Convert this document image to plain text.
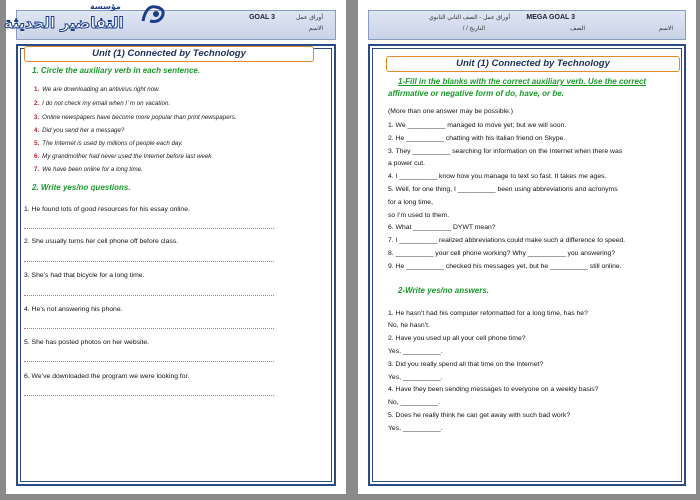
GOAL 3	أوراق عمل
الاسم
Unit (1) Connected by Technology
1. Circle the auxiliary verb in each sentence.
1. We are downloading an antivirus right now.
2. I do not check my email when I’ m on vacation.
3. Online newspapers have become more popular than print newspapers.
4. Did you send her a message?
5. The Internet is used by millions of people each day.
6. My grandmother had never used the Internet before last week.
7. We have been online for a long time.
2. Write yes/no questions.
1. He found lots of good resources for his essay online.
2. She usually turns her cell phone off before class.
3. She’s had that bicycle for a long time.
4. He’s not answering his phone.
5. She has posted photos on her website.
6. We’ve downloaded the program we were looking for.
مؤسسة
التفاضير الحديثة	MEGA GOAL 3
أوراق عمل - الصف الثاني الثانوي
الاسم
الصف
التاريخ / /
Unit (1) Connected by Technology
1-Fill in the blanks with the correct auxiliary verb. Use the correct
affirmative or negative form of do, have, or be.
(More than one answer may be possible.)
1. We __________ managed to move yet; but we will soon.
2. He __________ chatting with his Italian friend on Skype.
3. They __________ searching for information on the Internet when there was
a power cut.
4. I __________ know how you manage to text so fast. It takes me ages.
5. Well, for one thing, I __________ been using abbreviations and acronyms
for a long time,
so I’m used to them.
6. What __________ DYWT mean?
7. I __________ realized abbreviations could make such a difference to speed.
8. __________ your cell phone working? Why __________ you answering?
9. He __________ checked his messages yet, but he __________ still online.
2-Write yes/no answers.
1. He hasn’t had his computer reformatted for a long time, has he?
No, he hasn’t.
2. Have you used up all your cell phone time?
Yes, __________.
3. Did you really spend all that time on the Internet?
Yes, __________.
4. Have they been sending messages to everyone on a weekly basis?
No, __________.
5. Does he really think he can get away with such bad work?
Yes, __________.
